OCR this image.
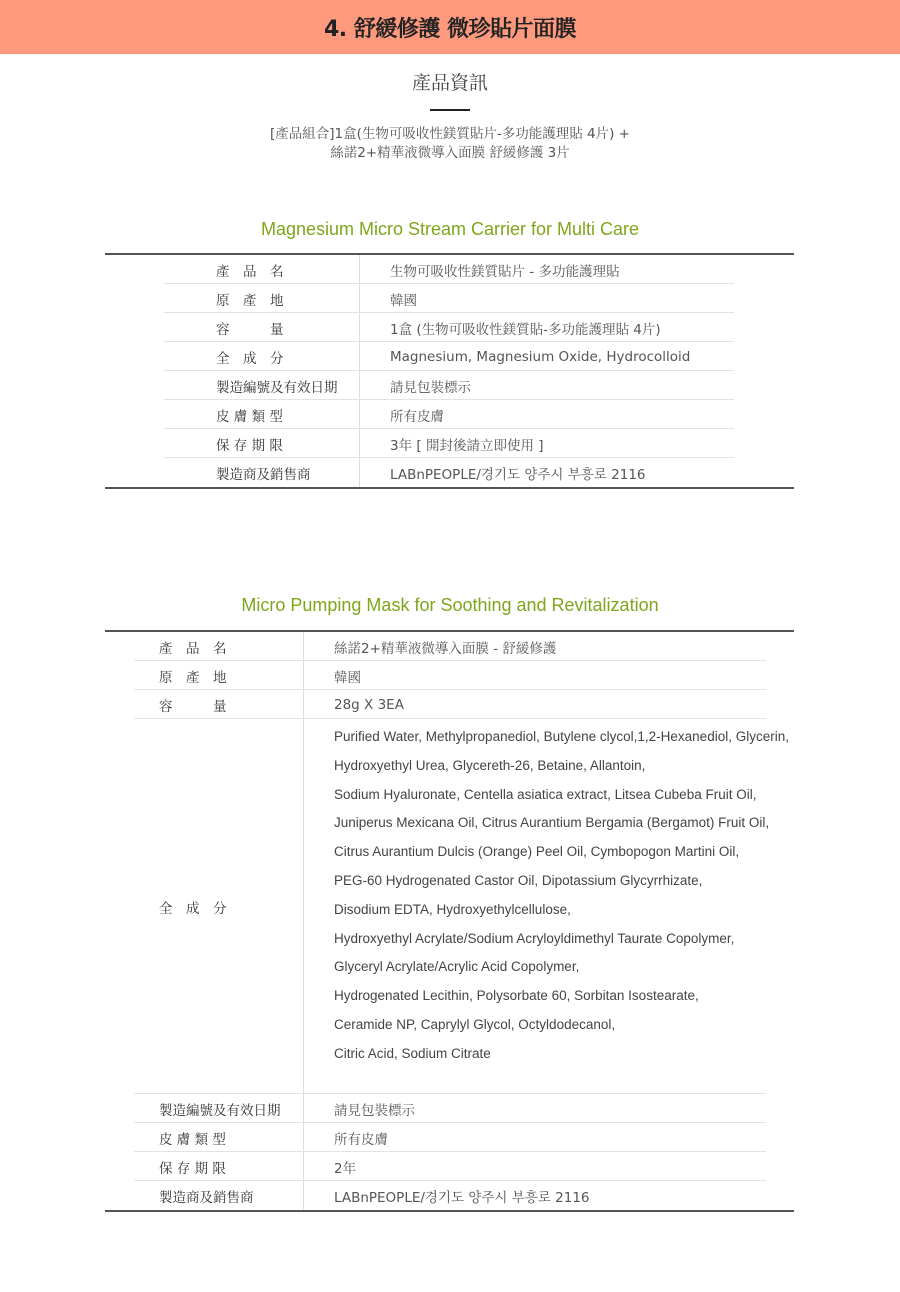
4. 舒緩修護 微珍貼片面膜
產品資訊
[產品組合]1盒(生物可吸收性鎂質貼片-多功能護理貼 4片) +
絲諾2+精華液微導入面膜 舒緩修護 3片
Magnesium Micro Stream Carrier for Multi Care
產　品　名	生物可吸收性鎂質貼片 - 多功能護理貼
原　產　地	韓國
容　　　量	1盒 (生物可吸收性鎂質貼-多功能護理貼 4片)
全　成　分	Magnesium, Magnesium Oxide, Hydrocolloid
製造編號及有效日期	請見包裝標示
皮 膚 類 型	所有皮膚
保 存 期 限	3年 [ 開封後請立即使用 ]
製造商及銷售商	LABnPEOPLE/경기도 양주시 부흥로 2116
Micro Pumping Mask for Soothing and Revitalization
產　品　名	絲諾2+精華液微導入面膜 - 舒緩修護
原　產　地	韓國
容　　　量	28g X 3EA
全　成　分
Purified Water, Methylpropanediol, Butylene clycol,1,2-Hexanediol, Glycerin,
Hydroxyethyl Urea, Glycereth-26, Betaine, Allantoin,
Sodium Hyaluronate, Centella asiatica extract, Litsea Cubeba Fruit Oil,
Juniperus Mexicana Oil, Citrus Aurantium Bergamia (Bergamot) Fruit Oil,
Citrus Aurantium Dulcis (Orange) Peel Oil, Cymbopogon Martini Oil,
PEG-60 Hydrogenated Castor Oil, Dipotassium Glycyrrhizate,
Disodium EDTA, Hydroxyethylcellulose,
Hydroxyethyl Acrylate/Sodium Acryloyldimethyl Taurate Copolymer,
Glyceryl Acrylate/Acrylic Acid Copolymer,
Hydrogenated Lecithin, Polysorbate 60, Sorbitan Isostearate,
Ceramide NP, Caprylyl Glycol, Octyldodecanol,
Citric Acid, Sodium Citrate
製造編號及有效日期	請見包裝標示
皮 膚 類 型	所有皮膚
保 存 期 限	2年
製造商及銷售商	LABnPEOPLE/경기도 양주시 부흥로 2116
